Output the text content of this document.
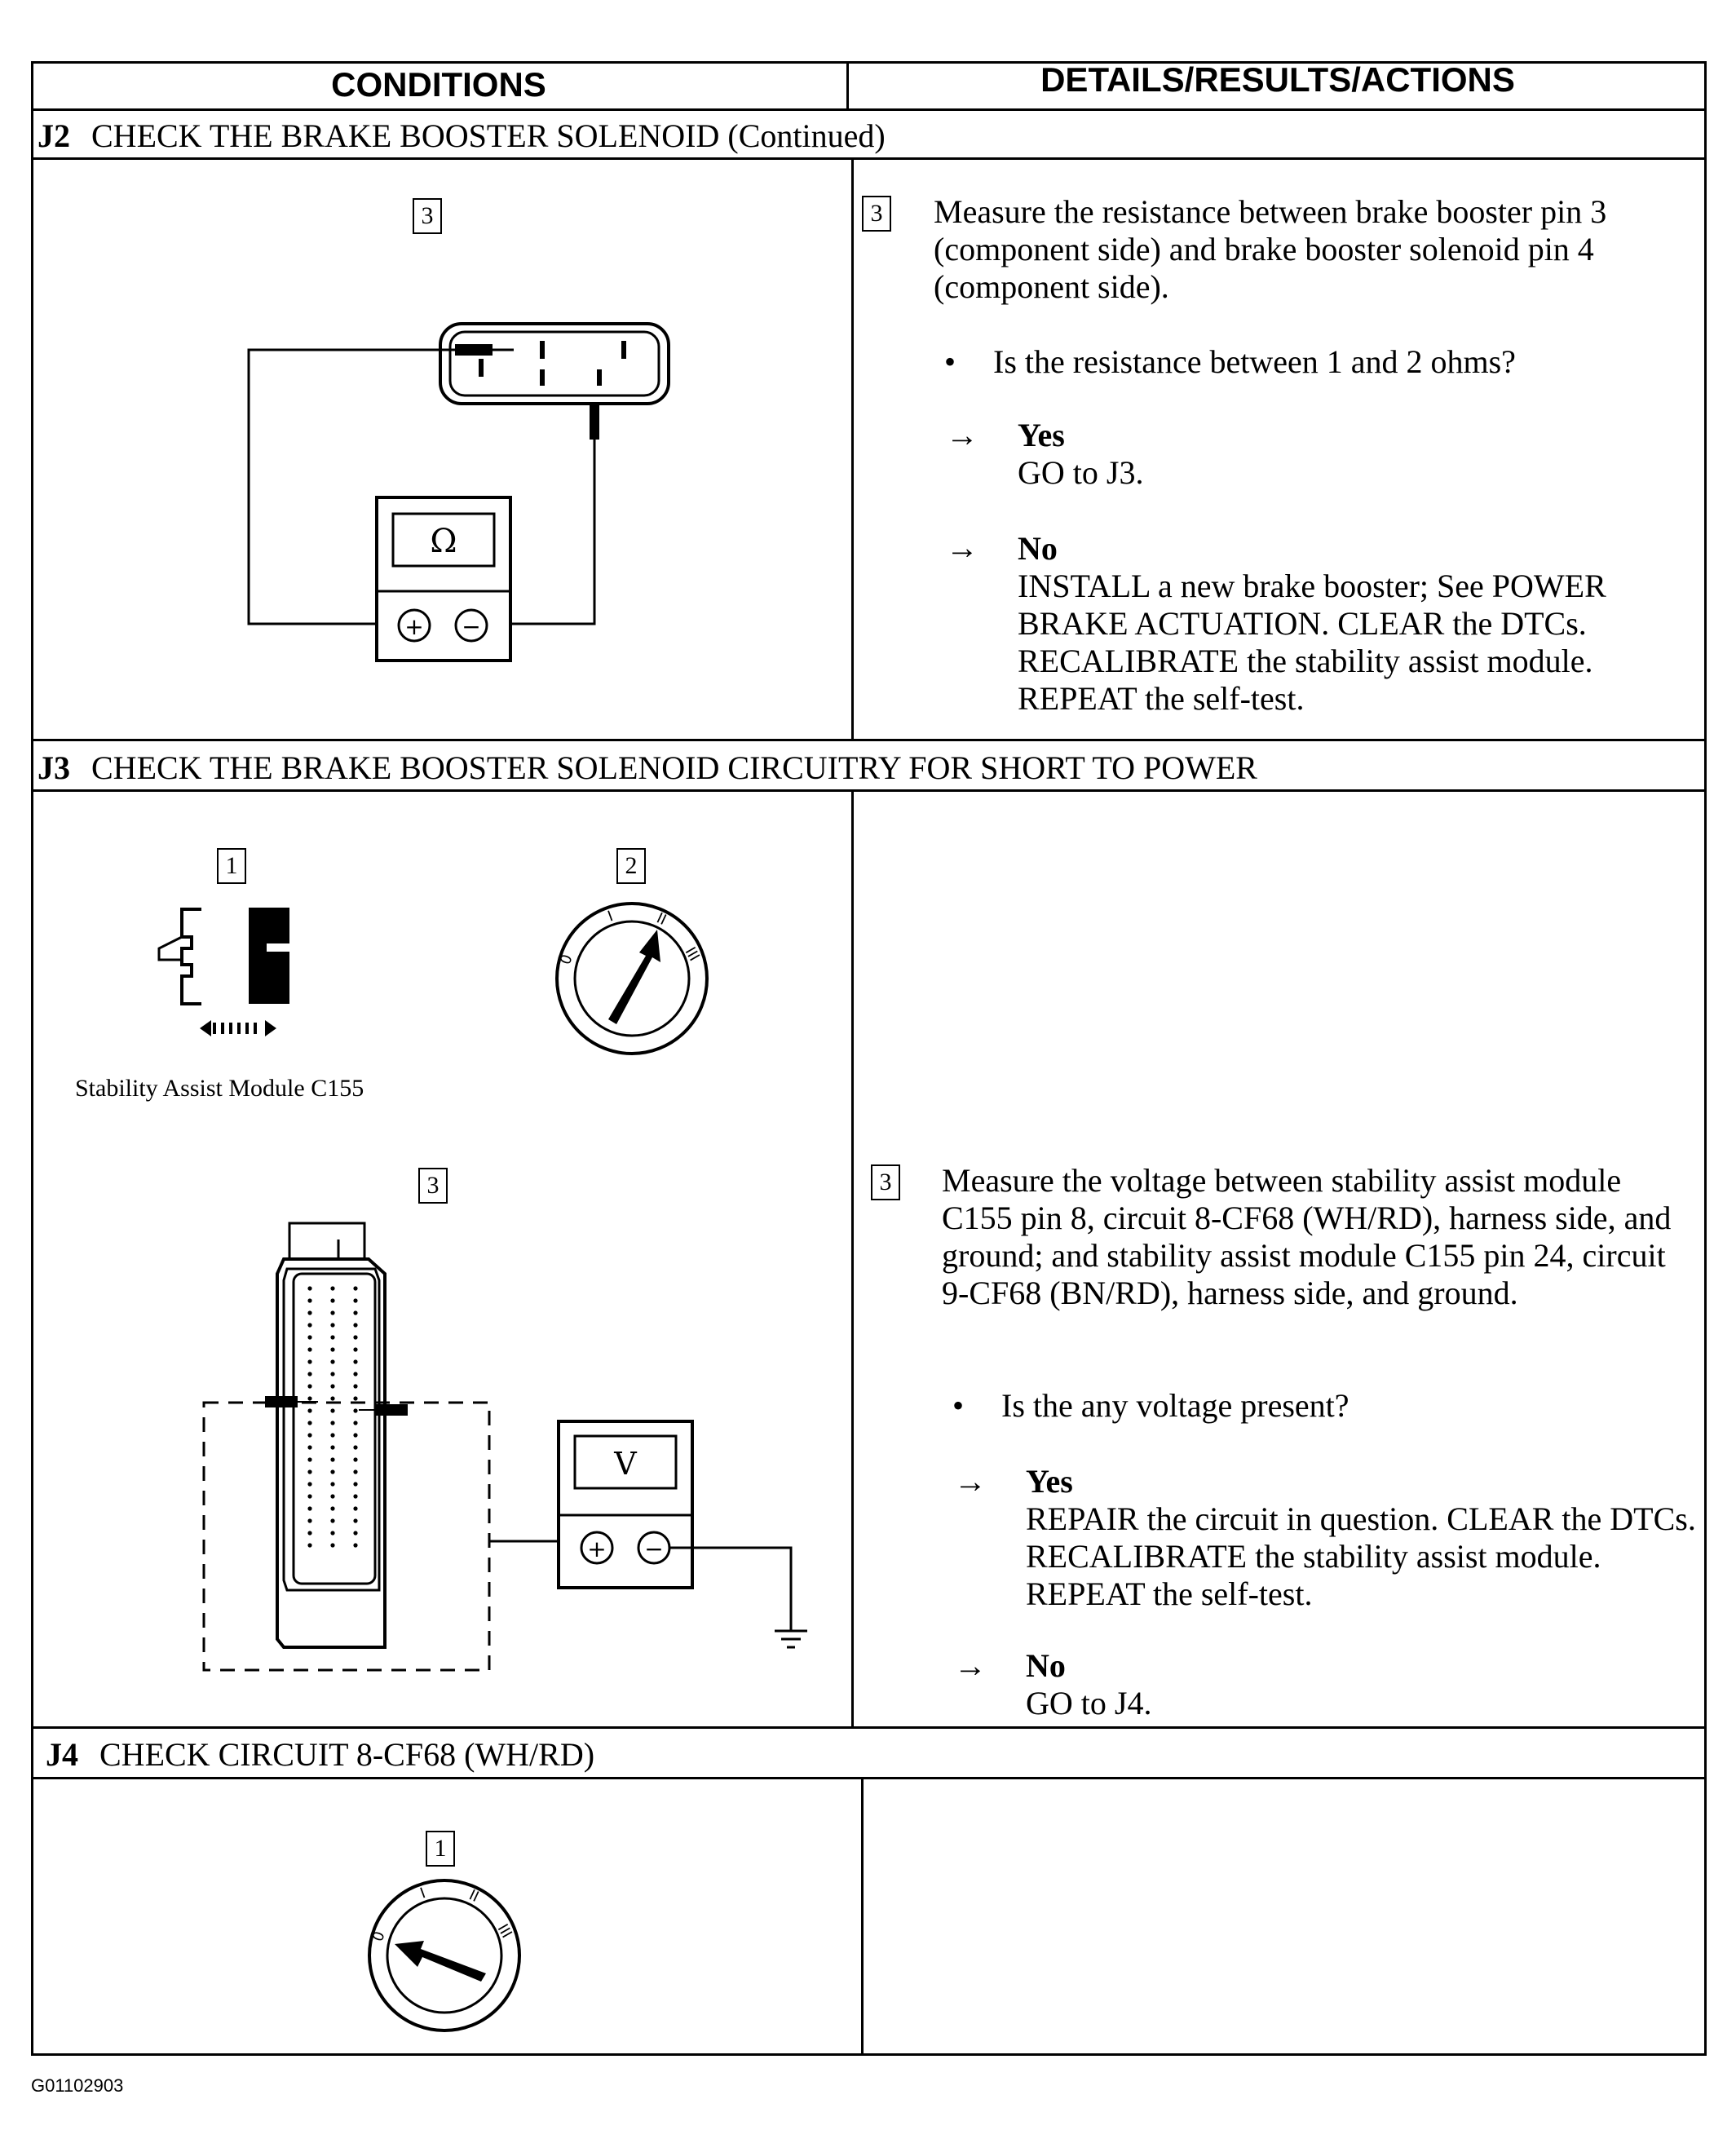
CONDITIONS	DETAILS/RESULTS/ACTIONS
J2 CHECK THE BRAKE BOOSTER SOLENOID (Continued)
3
Ω
+ −
3 Measure the resistance between brake booster pin 3 (component side) and brake booster solenoid pin 4 (component side).
• Is the resistance between 1 and 2 ohms?
→ Yes
GO to J3.
→ No
INSTALL a new brake booster; See POWER BRAKE ACTUATION. CLEAR the DTCs. RECALIBRATE the stability assist module. REPEAT the self-test.
J3 CHECK THE BRAKE BOOSTER SOLENOID CIRCUITRY FOR SHORT TO POWER
1
Stability Assist Module C155
2
0
I	II
III
3
V
+ −
3 Measure the voltage between stability assist module C155 pin 8, circuit 8-CF68 (WH/RD), harness side, and ground; and stability assist module C155 pin 24, circuit 9-CF68 (BN/RD), harness side, and ground.
• Is the any voltage present?
→ Yes
REPAIR the circuit in question. CLEAR the DTCs. RECALIBRATE the stability assist module. REPEAT the self-test.
→ No
GO to J4.
J4 CHECK CIRCUIT 8-CF68 (WH/RD)
1
0
I	II
III
G01102903
